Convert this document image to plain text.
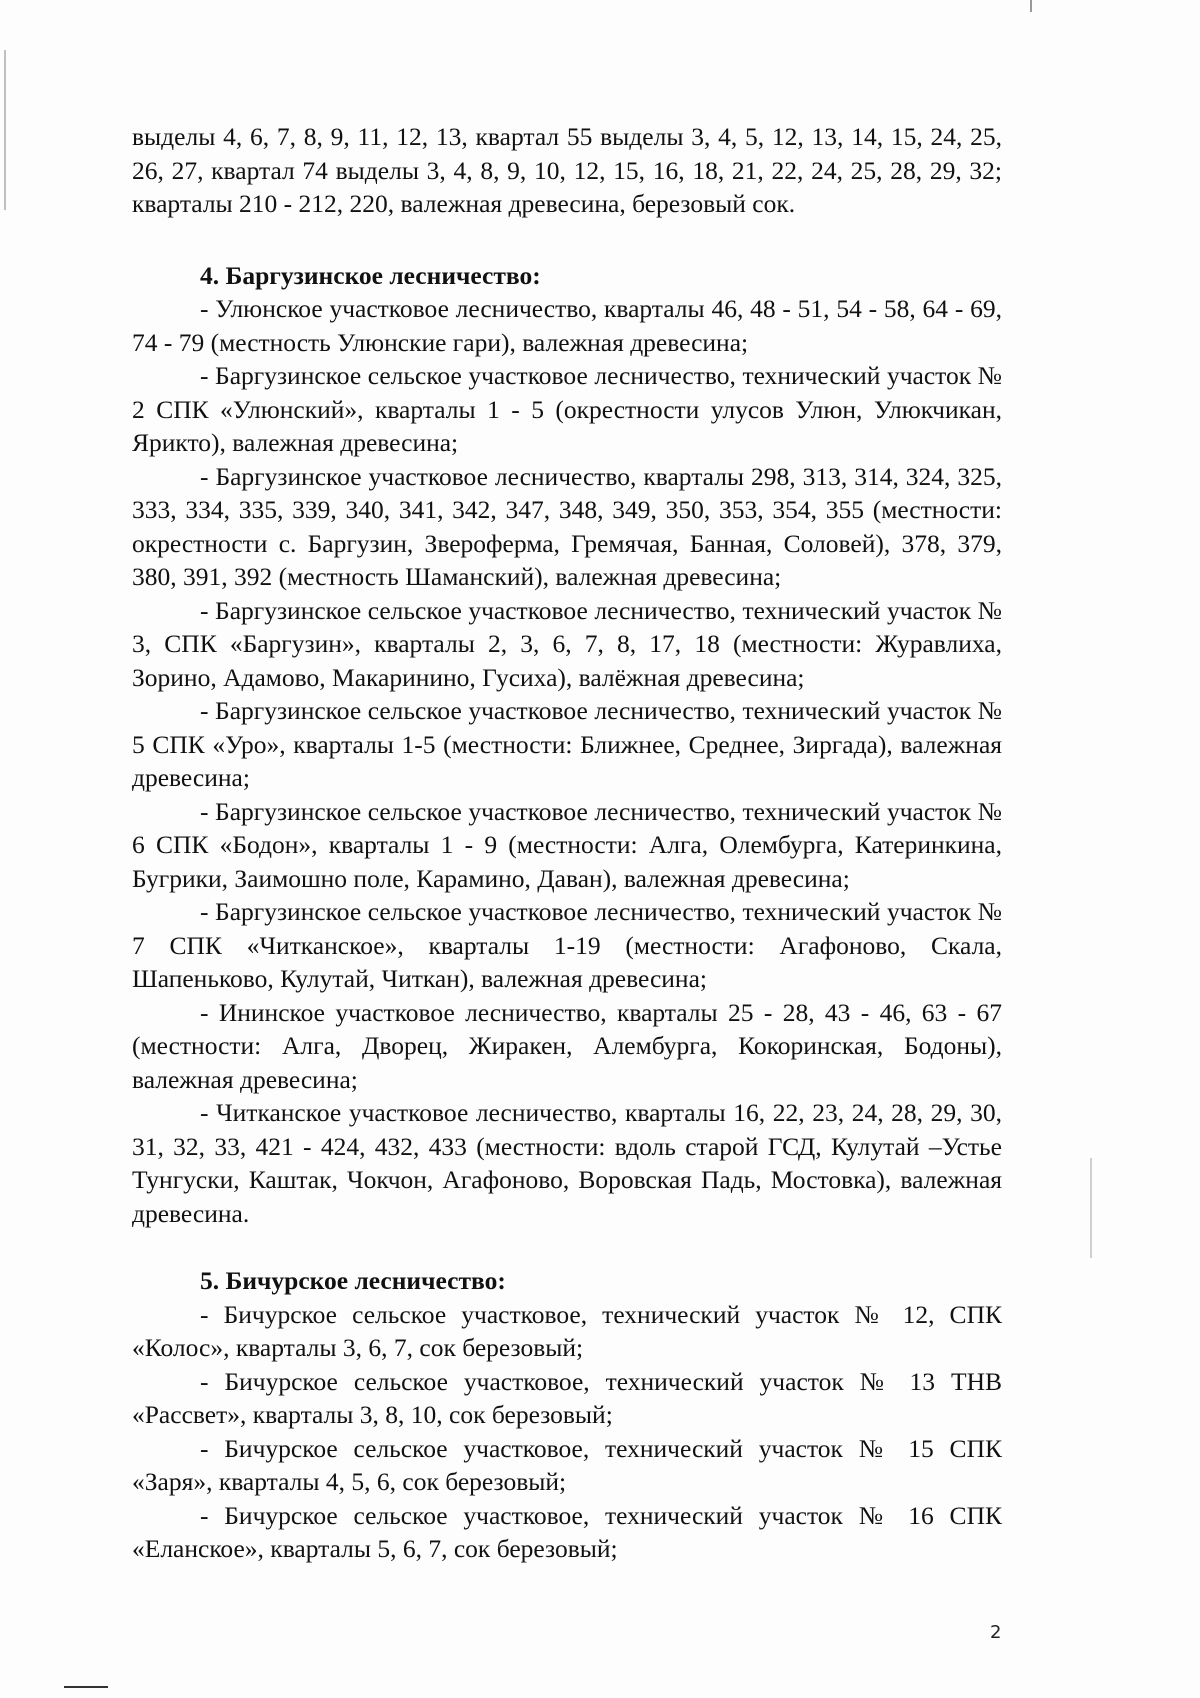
выделы 4, 6, 7, 8, 9, 11, 12, 13, квартал 55 выделы 3, 4, 5, 12, 13, 14, 15, 24, 25, 26, 27, квартал 74 выделы 3, 4, 8, 9, 10, 12, 15, 16, 18, 21, 22, 24, 25, 28, 29, 32; кварталы 210 - 212, 220, валежная древесина, березовый сок.

4. Баргузинское лесничество:

- Улюнское участковое лесничество, кварталы 46, 48 - 51, 54 - 58, 64 - 69, 74 - 79 (местность Улюнские гари), валежная древесина;

- Баргузинское сельское участковое лесничество, технический участок № 2 СПК «Улюнский», кварталы 1 - 5 (окрестности улусов Улюн, Улюкчикан, Ярикто), валежная древесина;

- Баргузинское участковое лесничество, кварталы 298, 313, 314, 324, 325, 333, 334, 335, 339, 340, 341, 342, 347, 348, 349, 350, 353, 354, 355 (местности: окрестности с. Баргузин, Звероферма, Гремячая, Банная, Соловей), 378, 379, 380, 391, 392 (местность Шаманский), валежная древесина;

- Баргузинское сельское участковое лесничество, технический участок № 3, СПК «Баргузин», кварталы 2, 3, 6, 7, 8, 17, 18 (местности: Журавлиха, Зорино, Адамово, Макаринино, Гусиха), валёжная древесина;

- Баргузинское сельское участковое лесничество, технический участок № 5 СПК «Уро», кварталы 1-5 (местности: Ближнее, Среднее, Зиргада), валежная древесина;

- Баргузинское сельское участковое лесничество, технический участок № 6 СПК «Бодон», кварталы 1 - 9 (местности: Алга, Олембурга, Катеринкина, Бугрики, Заимошно поле, Карамино, Даван), валежная древесина;

- Баргузинское сельское участковое лесничество, технический участок № 7 СПК «Читканское», кварталы 1-19 (местности: Агафоново, Скала, Шапеньково, Кулутай, Читкан), валежная древесина;

- Ининское участковое лесничество, кварталы 25 - 28, 43 - 46, 63 - 67 (местности: Алга, Дворец, Жиракен, Алембурга, Кокоринская, Бодоны), валежная древесина;

- Читканское участковое лесничество, кварталы 16, 22, 23, 24, 28, 29, 30, 31, 32, 33, 421 - 424, 432, 433 (местности: вдоль старой ГСД, Кулутай –Устье Тунгуски, Каштак, Чокчон, Агафоново, Воровская Падь, Мостовка), валежная древесина.

5. Бичурское лесничество:

- Бичурское сельское участковое, технический участок № 12, СПК «Колос», кварталы 3, 6, 7, сок березовый;

- Бичурское сельское участковое, технический участок № 13 ТНВ «Рассвет», кварталы 3, 8, 10, сок березовый;

- Бичурское сельское участковое, технический участок № 15 СПК «Заря», кварталы 4, 5, 6, сок березовый;

- Бичурское сельское участковое, технический участок № 16 СПК «Еланское», кварталы 5, 6, 7, сок березовый;

2
